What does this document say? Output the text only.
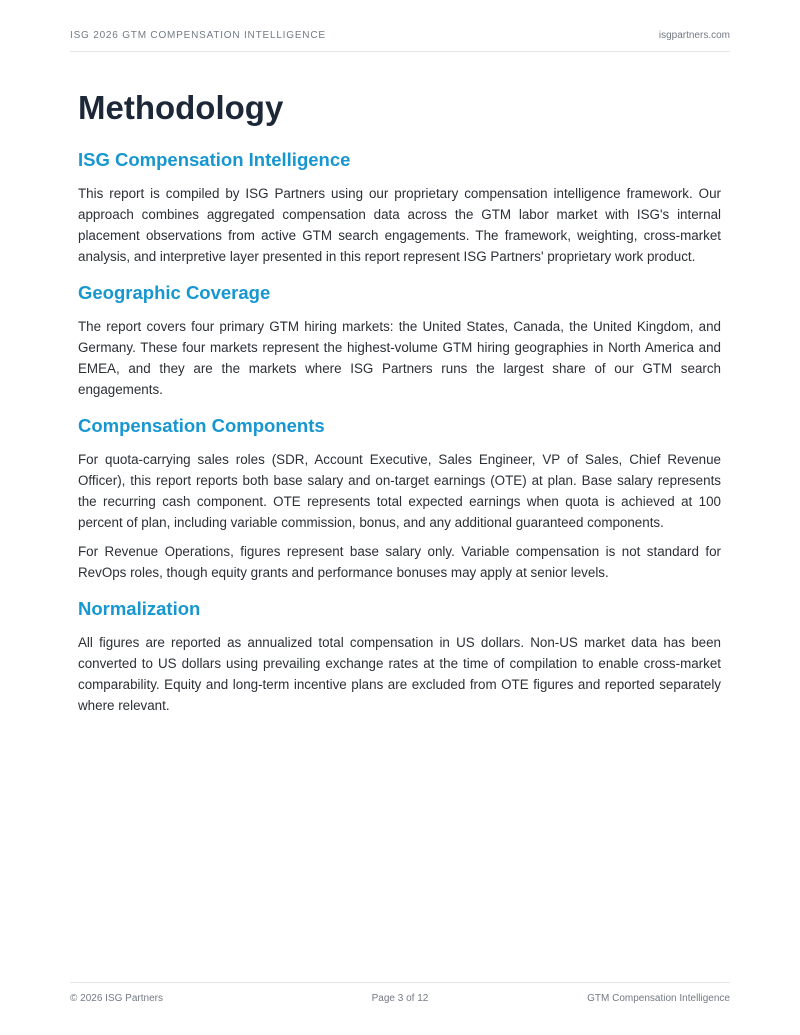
ISG 2026 GTM COMPENSATION INTELLIGENCE	isgpartners.com
Methodology
ISG Compensation Intelligence

This report is compiled by ISG Partners using our proprietary compensation intelligence framework. Our approach combines aggregated compensation data across the GTM labor market with ISG's internal placement observations from active GTM search engagements. The framework, weighting, cross-market analysis, and interpretive layer presented in this report represent ISG Partners' proprietary work product.

Geographic Coverage

The report covers four primary GTM hiring markets: the United States, Canada, the United Kingdom, and Germany. These four markets represent the highest-volume GTM hiring geographies in North America and EMEA, and they are the markets where ISG Partners runs the largest share of our GTM search engagements.

Compensation Components

For quota-carrying sales roles (SDR, Account Executive, Sales Engineer, VP of Sales, Chief Revenue Officer), this report reports both base salary and on-target earnings (OTE) at plan. Base salary represents the recurring cash component. OTE represents total expected earnings when quota is achieved at 100 percent of plan, including variable commission, bonus, and any additional guaranteed components.

For Revenue Operations, figures represent base salary only. Variable compensation is not standard for RevOps roles, though equity grants and performance bonuses may apply at senior levels.

Normalization

All figures are reported as annualized total compensation in US dollars. Non-US market data has been converted to US dollars using prevailing exchange rates at the time of compilation to enable cross-market comparability. Equity and long-term incentive plans are excluded from OTE figures and reported separately where relevant.

© 2026 ISG Partners	Page 3 of 12	GTM Compensation Intelligence
